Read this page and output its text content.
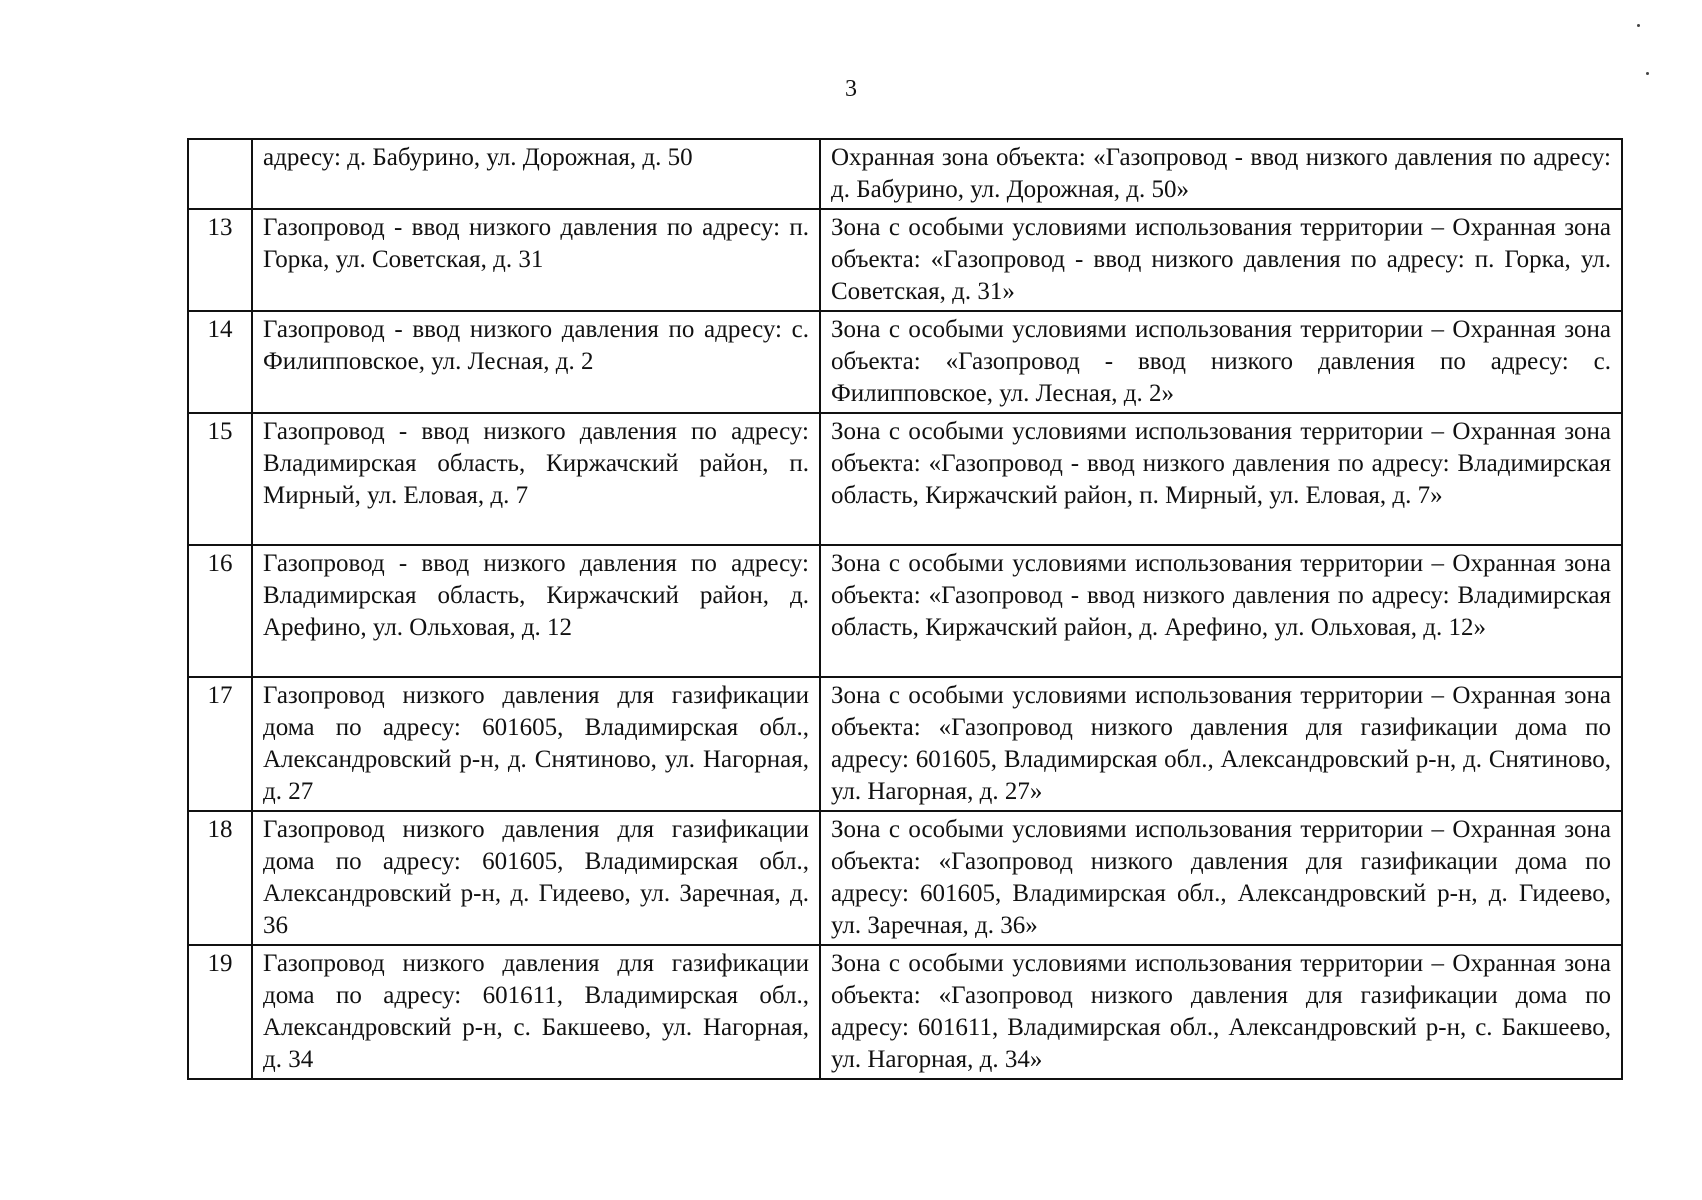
3
	адресу: д. Бабурино, ул. Дорожная, д. 50	Охранная зона объекта: «Газопровод - ввод низкого давления по адресу: д. Бабурино, ул. Дорожная, д. 50»
13	Газопровод - ввод низкого давления по адресу: п. Горка, ул. Советская, д. 31	Зона с особыми условиями использования территории – Охранная зона объекта: «Газопровод - ввод низкого давления по адресу: п. Горка, ул. Советская, д. 31»
14	Газопровод - ввод низкого давления по адресу: с. Филипповское, ул. Лесная, д. 2	Зона с особыми условиями использования территории – Охранная зона объекта: «Газопровод - ввод низкого давления по адресу: с. Филипповское, ул. Лесная, д. 2»
15	Газопровод - ввод низкого давления по адресу: Владимирская область, Киржачский район, п. Мирный, ул. Еловая, д. 7	Зона с особыми условиями использования территории – Охранная зона объекта: «Газопровод - ввод низкого давления по адресу: Владимирская область, Киржачский район, п. Мирный, ул. Еловая, д. 7»
16	Газопровод - ввод низкого давления по адресу: Владимирская область, Киржачский район, д. Арефино, ул. Ольховая, д. 12	Зона с особыми условиями использования территории – Охранная зона объекта: «Газопровод - ввод низкого давления по адресу: Владимирская область, Киржачский район, д. Арефино, ул. Ольховая, д. 12»
17	Газопровод низкого давления для газификации дома по адресу: 601605, Владимирская обл., Александровский р-н, д. Снятиново, ул. Нагорная, д. 27	Зона с особыми условиями использования территории – Охранная зона объекта: «Газопровод низкого давления для газификации дома по адресу: 601605, Владимирская обл., Александровский р-н, д. Снятиново, ул. Нагорная, д. 27»
18	Газопровод низкого давления для газификации дома по адресу: 601605, Владимирская обл., Александровский р-н, д. Гидеево, ул. Заречная, д. 36	Зона с особыми условиями использования территории – Охранная зона объекта: «Газопровод низкого давления для газификации дома по адресу: 601605, Владимирская обл., Александровский р-н, д. Гидеево, ул. Заречная, д. 36»
19	Газопровод низкого давления для газификации дома по адресу: 601611, Владимирская обл., Александровский р-н, с. Бакшеево, ул. Нагорная, д. 34	Зона с особыми условиями использования территории – Охранная зона объекта: «Газопровод низкого давления для газификации дома по адресу: 601611, Владимирская обл., Александровский р-н, с. Бакшеево, ул. Нагорная, д. 34»
